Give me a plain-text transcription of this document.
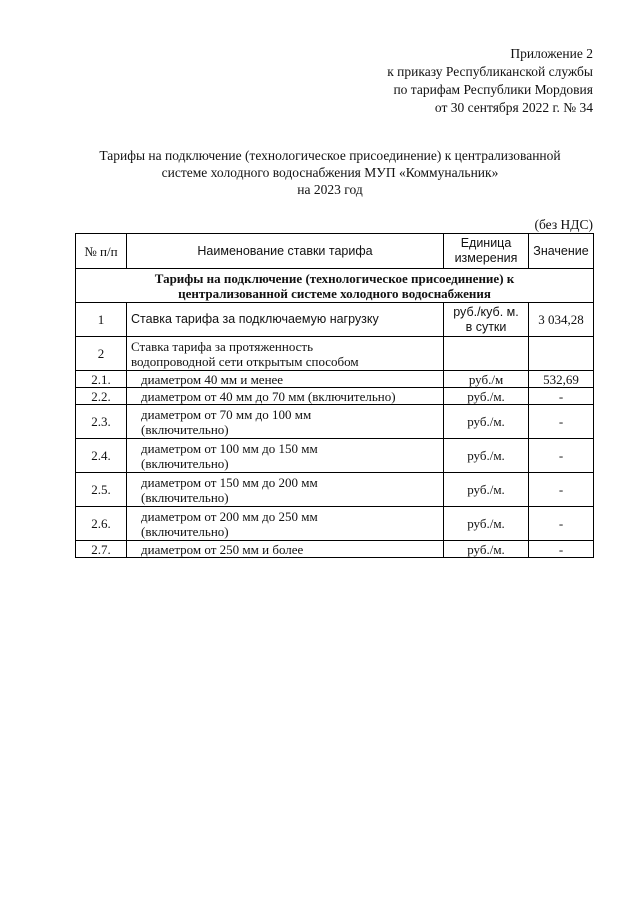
Приложение 2
к приказу Республиканской службы
по тарифам Республики Мордовия
от 30 сентября 2022 г. № 34
Тарифы на подключение (технологическое присоединение) к централизованной
системе холодного водоснабжения МУП «Коммунальник»
на 2023 год
(без НДС)
№ п/п	Наименование ставки тарифа	Единица
измерения	Значение

Тарифы на подключение (технологическое присоединение) к
централизованной системе холодного водоснабжения			

1	Ставка тарифа за подключаемую нагрузку	руб./куб. м.
в сутки	3 034,28
2	Ставка тарифа за протяженность
водопроводной сети открытым способом		

2.1.	диаметром 40 мм и менее	руб./м	532,69
2.2.	диаметром от 40 мм до 70 мм (включительно)	руб./м.	-
2.3.	диаметром от 70 мм до 100 мм
(включительно)	руб./м.	-
2.4.	диаметром от 100 мм до 150 мм
(включительно)	руб./м.	-
2.5.	диаметром от 150 мм до 200 мм
(включительно)	руб./м.	-
2.6.	диаметром от 200 мм до 250 мм
(включительно)	руб./м.	-
2.7.	диаметром от 250 мм и более	руб./м.	-
